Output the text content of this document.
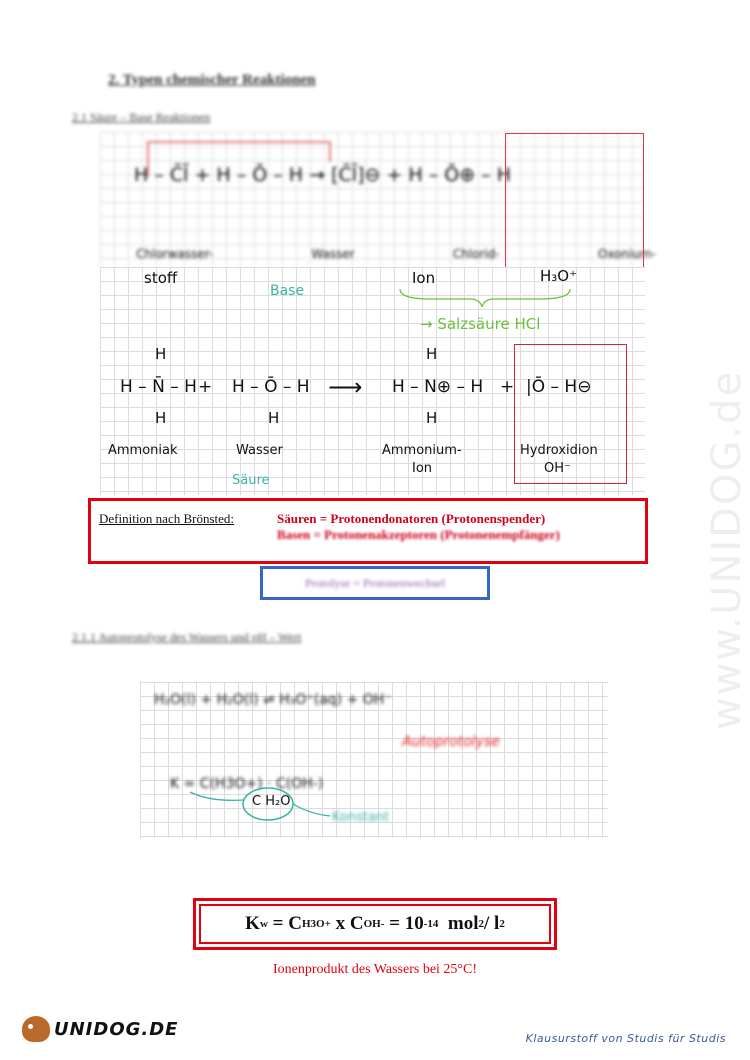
2. Typen chemischer Reaktionen
2.1 Säure – Base Reaktionen
H – C̄l̄ + H – Ō – H → [C̄l̄]⊖ + H – Ō⊕ – H
Chlorwasser-	Wasser	Chlorid-	Oxonium-
stoff
Base
Ion	H₃O⁺
→ Salzsäure HCl
H
H – N̄ – H
H
+ H – Ō – H
H
⟶
H
H – N⊕ – H
H
+ |Ō – H⊖
Ammoniak	Wasser
Säure
Ammonium-
Ion
Hydroxidion
OH⁻
Definition nach Brönsted:	Säuren = Protonendonatoren (Protonenspender)
Basen = Protonenakzeptoren (Protonenempfänger)
Protolyse = Protonenwechsel
2.1.1 Autoprotolyse des Wassers und pH – Wert
H₂O(l) + H₂O(l) ⇌ H₃O⁺(aq) + OH⁻
Autoprotolyse
K = C(H3O+) · C(OH-)
C H₂O
Konstant
K w
=
C H3O+
x
C OH -
=
10 -14
mol 2 / l 2
Ionenprodukt des Wassers bei 25°C!
www.UNIDOG.de
UNIDOG.DE	Klausurstoff von Studis für Studis
